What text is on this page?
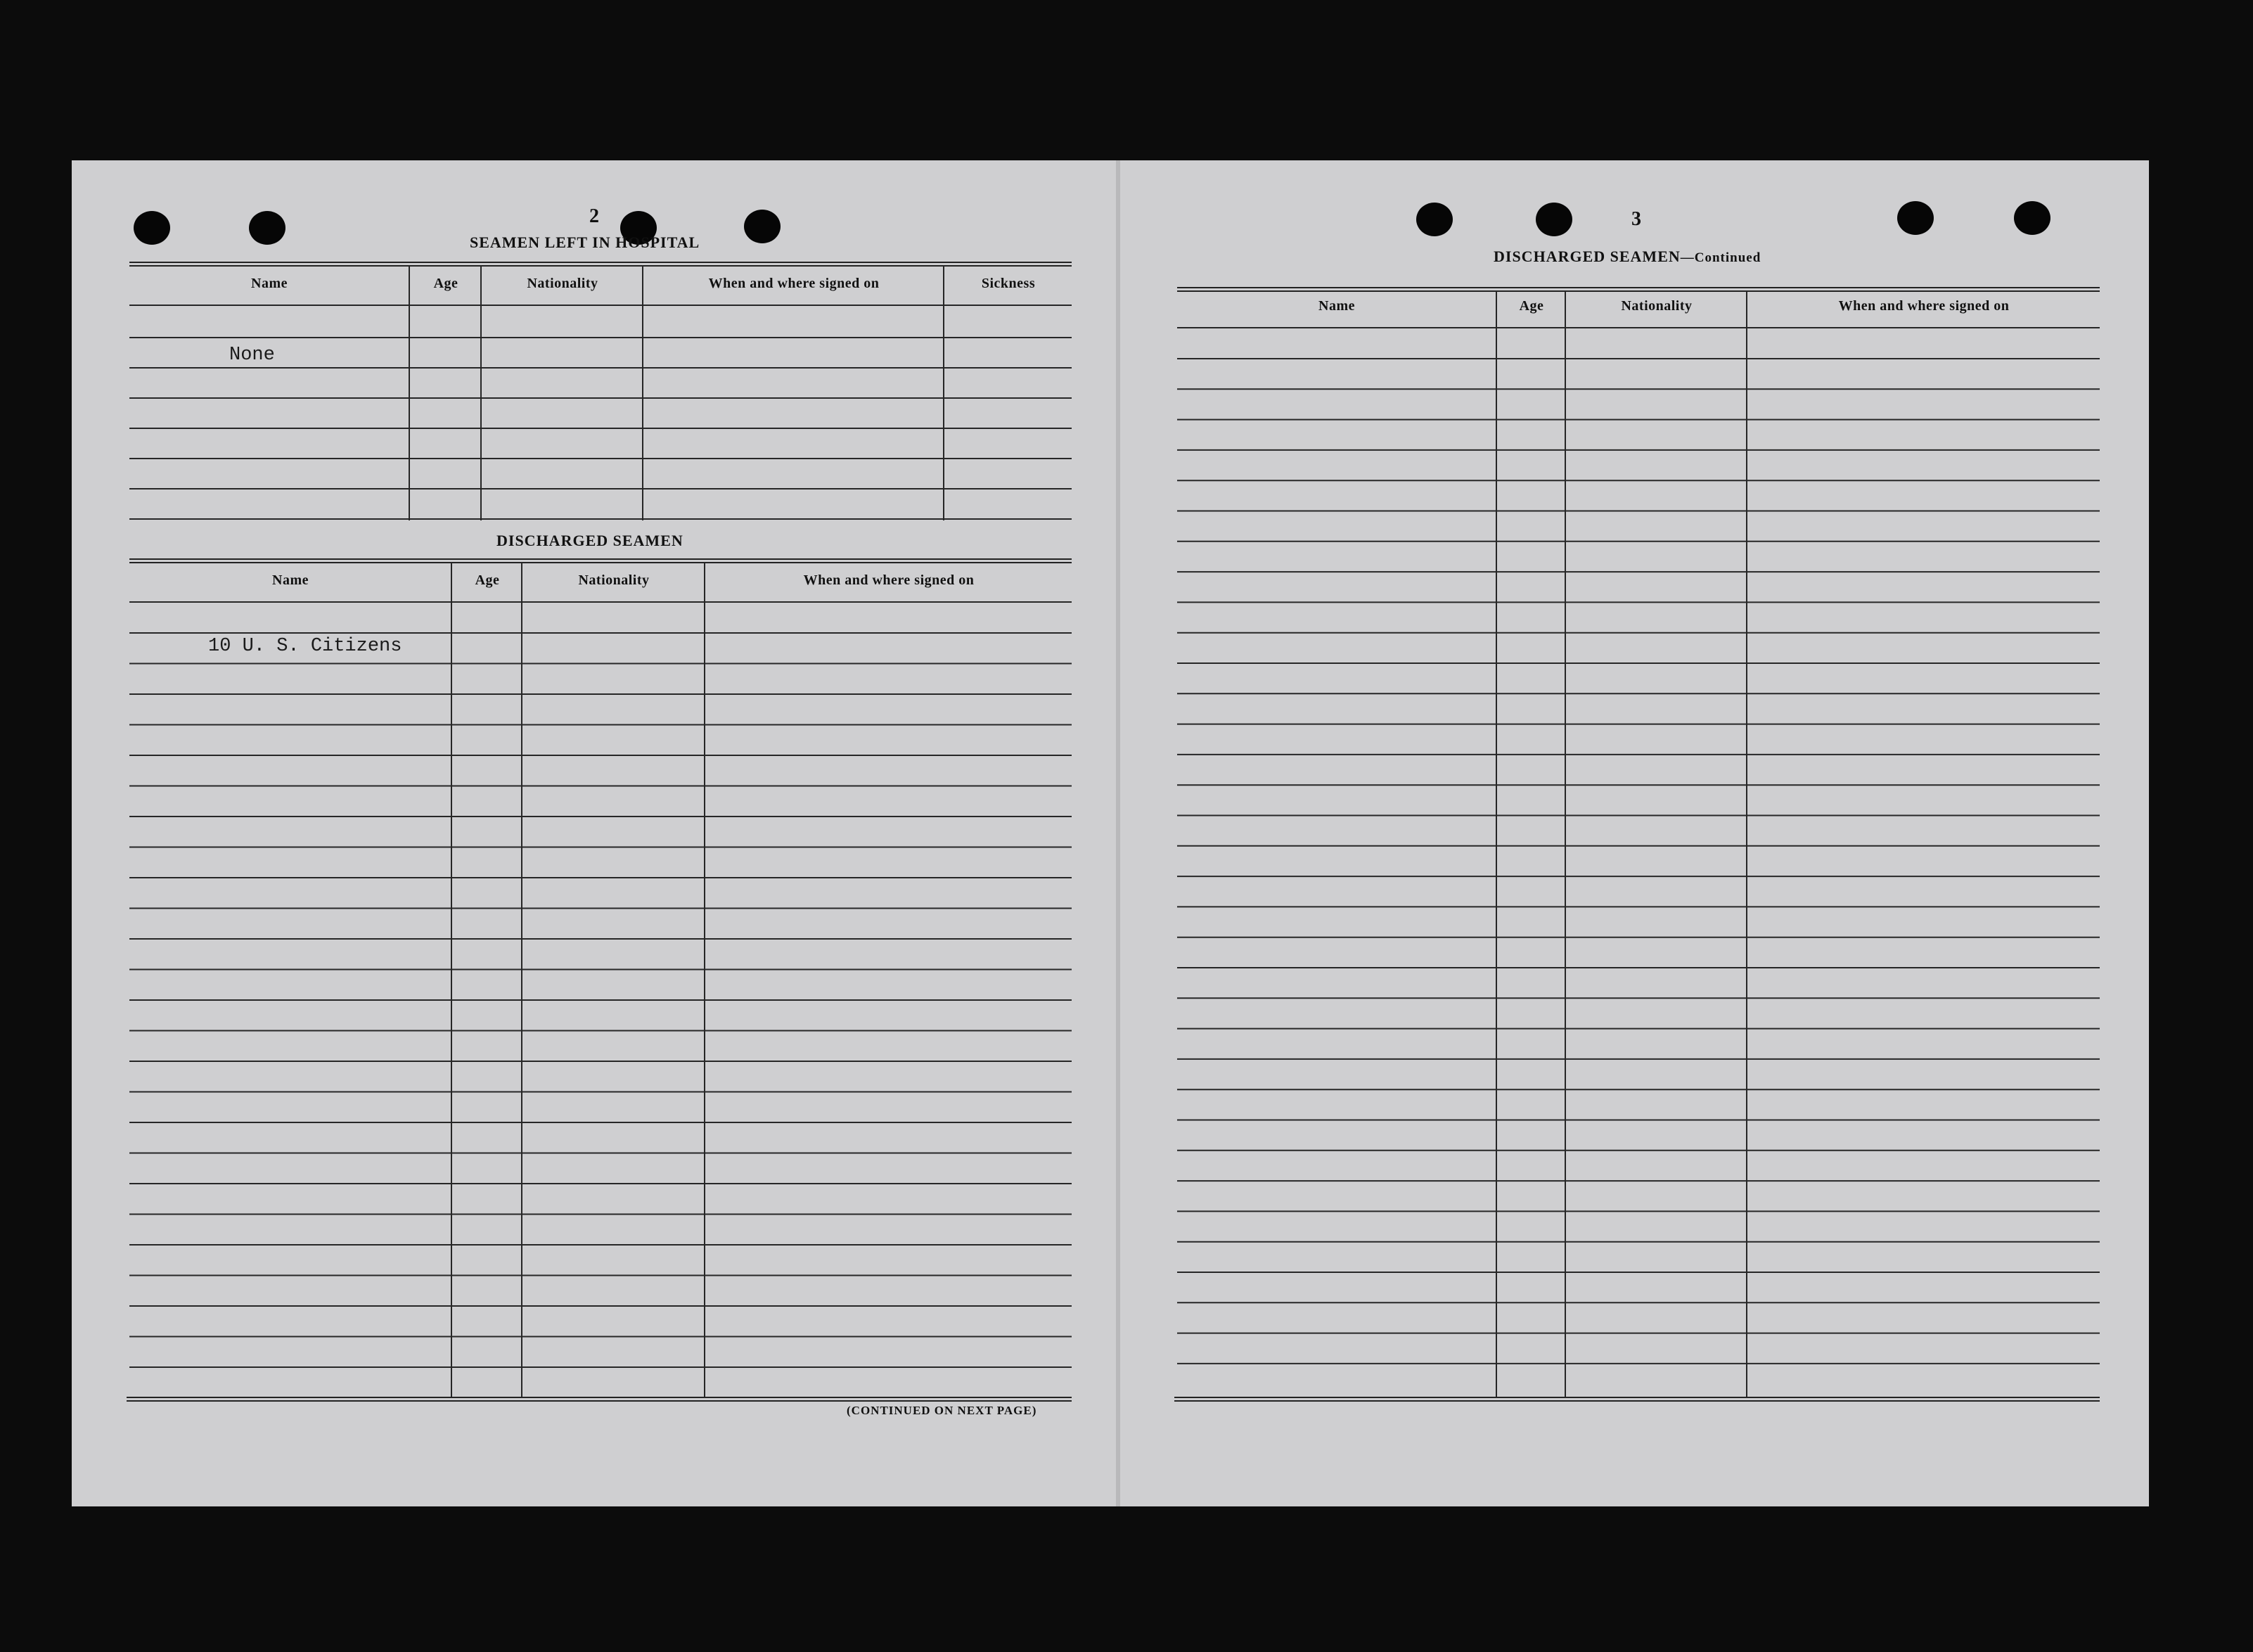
2
SEAMEN LEFT IN HOSPITAL
Name	Age	Nationality	When and where signed on	Sickness
None
DISCHARGED SEAMEN
Name	Age	Nationality	When and where signed on
10 U. S. Citizens
(CONTINUED ON NEXT PAGE)
3
DISCHARGED SEAMEN—Continued
Name	Age	Nationality	When and where signed on
